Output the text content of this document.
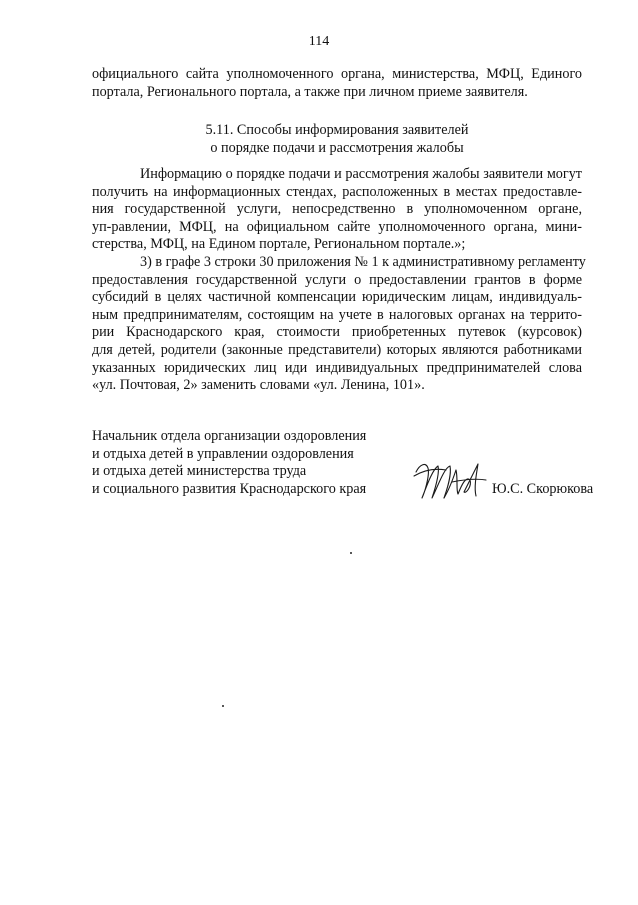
114
официального сайта уполномоченного органа, министерства, МФЦ, Единого
портала, Регионального портала, а также при личном приеме заявителя.
5.11. Способы информирования заявителей
о порядке подачи и рассмотрения жалобы
Информацию о порядке подачи и рассмотрения жалобы заявители могут
получить на информационных стендах, расположенных в местах предоставле-
ния государственной услуги, непосредственно в уполномоченном органе,
уп-равлении, МФЦ, на официальном сайте уполномоченного органа, мини-
стерства, МФЦ, на Едином портале, Региональном портале.»;
3) в графе 3 строки 30 приложения № 1 к административному регламенту
предоставления государственной услуги о предоставлении грантов в форме
субсидий в целях частичной компенсации юридическим лицам, индивидуаль-
ным предпринимателям, состоящим на учете в налоговых органах на террито-
рии Краснодарского края, стоимости приобретенных путевок (курсовок)
для детей, родители (законные представители) которых являются работниками
указанных юридических лиц иди индивидуальных предпринимателей слова
«ул. Почтовая, 2» заменить словами «ул. Ленина, 101».
Начальник отдела организации оздоровления
и отдыха детей в управлении оздоровления
и отдыха детей министерства труда
и социального развития Краснодарского края	Ю.С. Скорюкова
